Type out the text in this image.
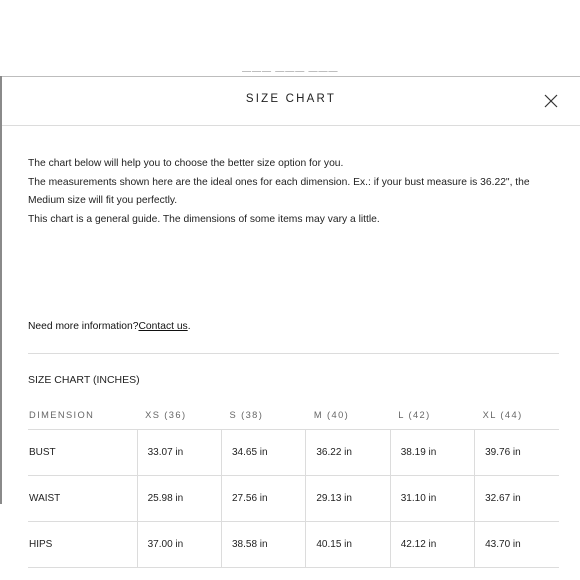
——— ——— ———
SIZE CHART

The chart below will help you to choose the better size option for you.

The measurements shown here are the ideal ones for each dimension. Ex.: if your bust measure is 36.22", the Medium size will fit you perfectly.

This chart is a general guide. The dimensions of some items may vary a little.

Need more information?Contact us.
SIZE CHART (INCHES)
DIMENSION	XS (36)	S (38)	M (40)	L (42)	XL (44)
BUST	33.07 in	34.65 in	36.22 in	38.19 in	39.76 in
WAIST	25.98 in	27.56 in	29.13 in	31.10 in	32.67 in
HIPS	37.00 in	38.58 in	40.15 in	42.12 in	43.70 in
